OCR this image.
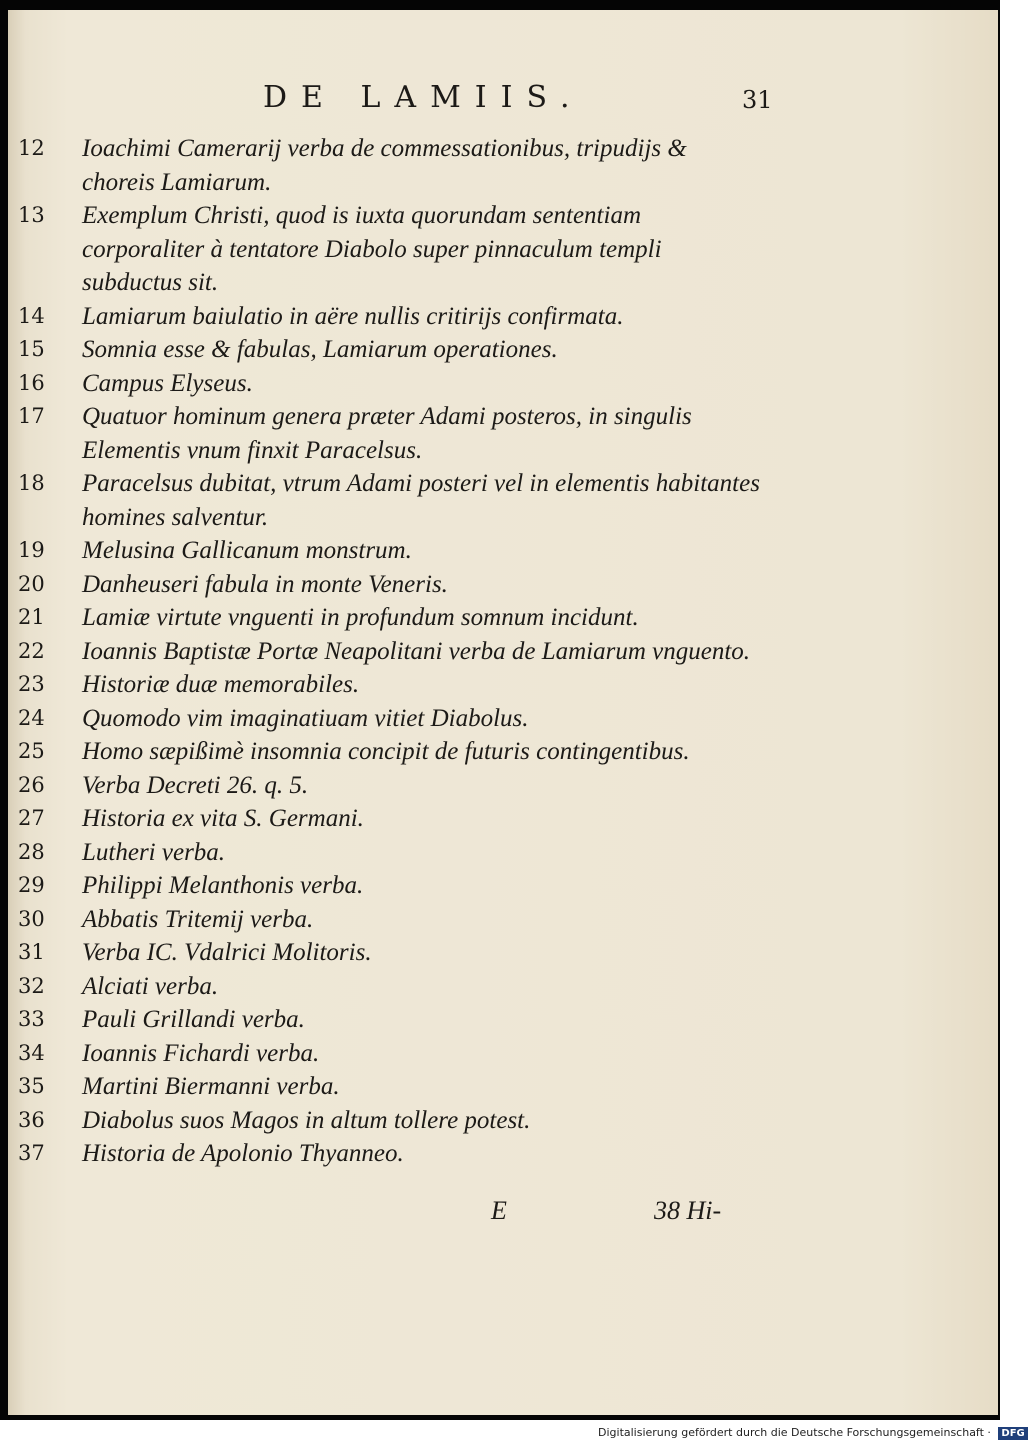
DE LAMIIS.	31
12	Ioachimi Camerarij verba de commessationibus, tripudijs & choreis Lamiarum.
13	Exemplum Christi, quod is iuxta quorundam sententiam corporaliter à tentatore Diabolo super pinnaculum templi subductus sit.
14	Lamiarum baiulatio in aëre nullis critirijs confirmata.
15	Somnia esse & fabulas, Lamiarum operationes.
16	Campus Elyseus.
17	Quatuor hominum genera præter Adami posteros, in singulis Elementis vnum finxit Paracelsus.
18	Paracelsus dubitat, vtrum Adami posteri vel in elementis habitantes homines salventur.
19	Melusina Gallicanum monstrum.
20	Danheuseri fabula in monte Veneris.
21	Lamiæ virtute vnguenti in profundum somnum incidunt.
22	Ioannis Baptistæ Portæ Neapolitani verba de Lamiarum vnguento.
23	Historiæ duæ memorabiles.
24	Quomodo vim imaginatiuam vitiet Diabolus.
25	Homo sæpißimè insomnia concipit de futuris contingentibus.
26	Verba Decreti 26. q. 5.
27	Historia ex vita S. Germani.
28	Lutheri verba.
29	Philippi Melanthonis verba.
30	Abbatis Tritemij verba.
31	Verba IC. Vdalrici Molitoris.
32	Alciati verba.
33	Pauli Grillandi verba.
34	Ioannis Fichardi verba.
35	Martini Biermanni verba.
36	Diabolus suos Magos in altum tollere potest.
37	Historia de Apolonio Thyanneo.
E	38 Hi-
Digitalisierung gefördert durch die Deutsche Forschungsgemeinschaft · DFG
